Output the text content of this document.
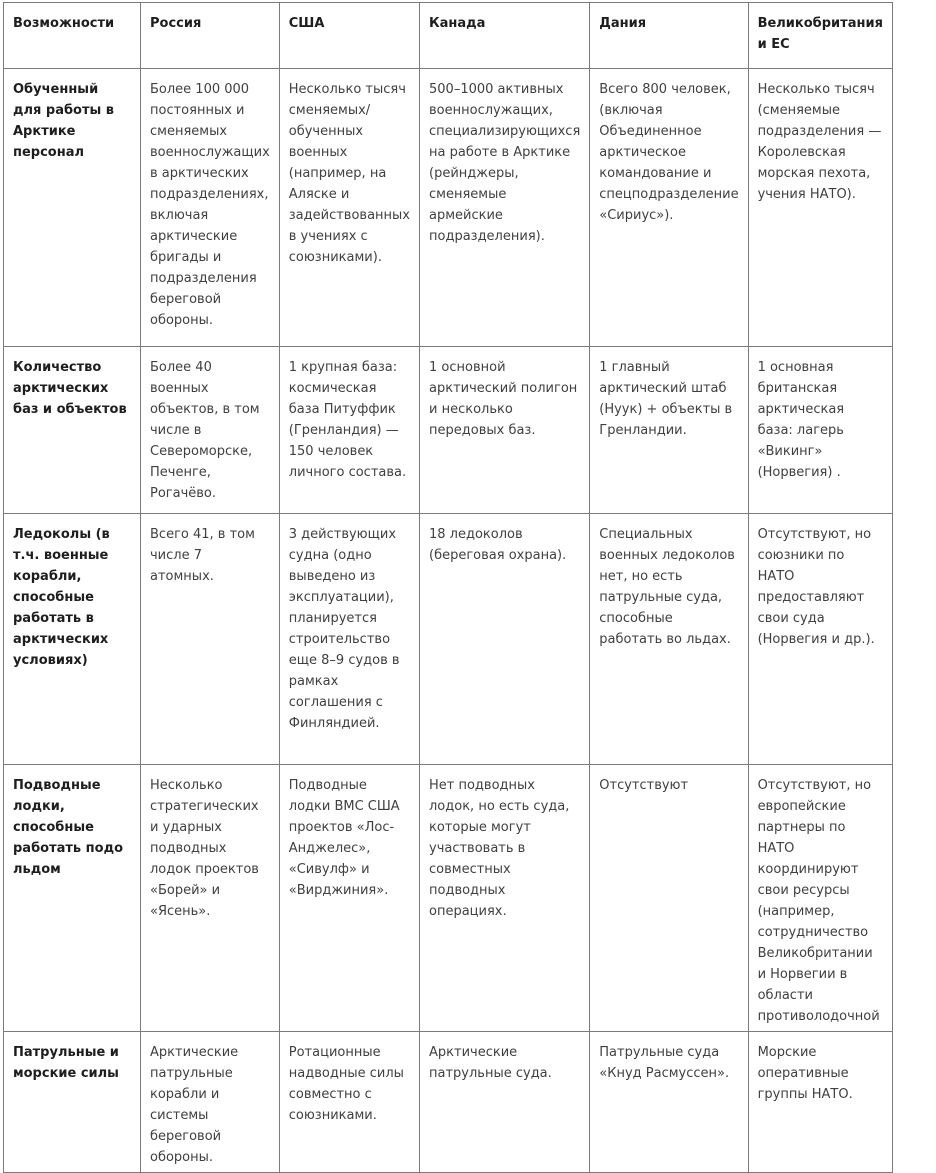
Возможности	Россия	США	Канада	Дания	Великобритания и ЕС
Обученный для работы в Арктике персонал	Более 100 000 постоянных и сменяемых военнослужащих в арктических подразделениях, включая арктические бригады и подразделения береговой обороны.	Несколько тысяч сменяемых/ обученных военных (например, на Аляске и задействованных в учениях с союзниками).	500–1000 активных военнослужащих, специализирующихся на работе в Арктике (рейнджеры, сменяемые армейские подразделения).	Всего 800 человек, (включая Объединенное арктическое командование и спецподразделение «Сириус»).	Несколько тысяч (сменяемые подразделения — Королевская морская пехота, учения НАТО).
Количество арктических баз и объектов	Более 40 военных объектов, в том числе в Североморске, Печенге, Рогачёво.	1 крупная база: космическая база Питуффик (Гренландия) — 150 человек личного состава.	1 основной арктический полигон и несколько передовых баз.	1 главный арктический штаб (Нуук) + объекты в Гренландии.	1 основная британская арктическая база: лагерь «Викинг» (Норвегия) .
Ледоколы (в т.ч. военные корабли, способные работать в арктических условиях)	Всего 41, в том числе 7 атомных.	3 действующих судна (одно выведено из эксплуатации), планируется строительство еще 8–9 судов в рамках соглашения с Финляндией.	18 ледоколов (береговая охрана).	Специальных военных ледоколов нет, но есть патрульные суда, способные работать во льдах.	Отсутствуют, но союзники по НАТО предоставляют свои суда (Норвегия и др.).
Подводные лодки, способные работать подо льдом	Несколько стратегических и ударных подводных лодок проектов «Борей» и «Ясень».	Подводные лодки ВМС США проектов «Лос-Анджелес», «Сивулф» и «Вирджиния».	Нет подводных лодок, но есть суда, которые могут участвовать в совместных подводных операциях.	Отсутствуют	Отсутствуют, но европейские партнеры по НАТО координируют свои ресурсы (например, сотрудничество Великобритании и Норвегии в области противолодочной
Патрульные и морские силы	Арктические патрульные корабли и системы береговой обороны.	Ротационные надводные силы совместно с союзниками.	Арктические патрульные суда.	Патрульные суда «Кнуд Расмуссен».	Морские оперативные группы НАТО.
